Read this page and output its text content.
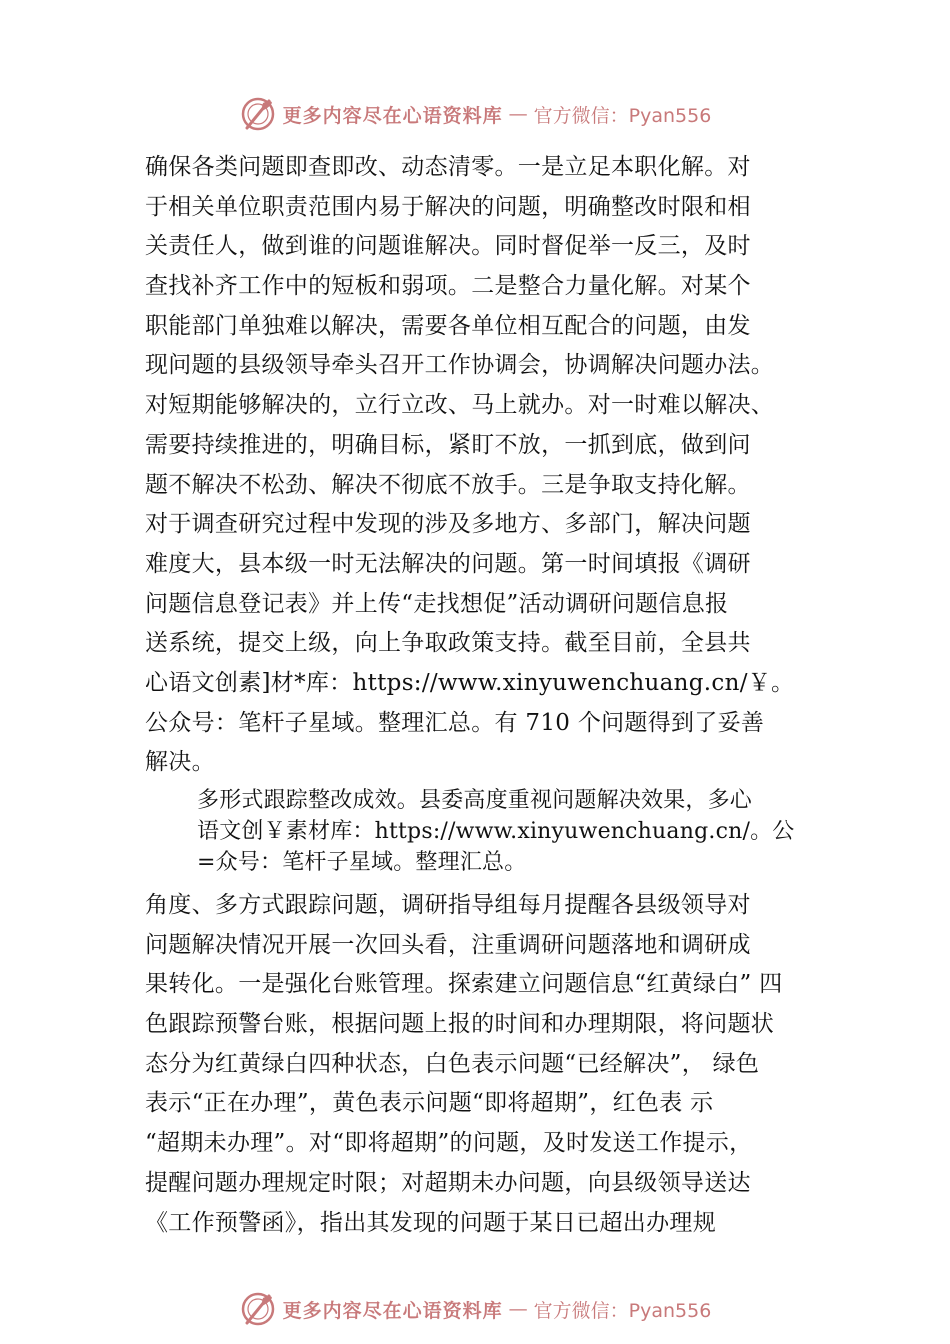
更多内容尽在心语资料库 — 官方微信：Pyan556
确保各类问题即查即改、动态清零。一是立足本职化解。对
于相关单位职责范围内易于解决的问题，明确整改时限和相
关责任人，做到谁的问题谁解决。同时督促举一反三，及时
查找补齐工作中的短板和弱项。二是整合力量化解。对某个
职能部门单独难以解决，需要各单位相互配合的问题，由发
现问题的县级领导牵头召开工作协调会，协调解决问题办法。
对短期能够解决的，立行立改、马上就办。对一时难以解决、
需要持续推进的，明确目标，紧盯不放，一抓到底，做到问
题不解决不松劲、解决不彻底不放手。三是争取支持化解。
对于调查研究过程中发现的涉及多地方、多部门，解决问题
难度大，县本级一时无法解决的问题。第一时间填报《调研
问题信息登记表》并上传“走找想促”活动调研问题信息报
送系统，提交上级，向上争取政策支持。截至目前，全县共
心语文创素]材*库：https://www.xinyuwenchuang.cn/￥。
公众号：笔杆子星域。整理汇总。有 710 个问题得到了妥善
解决。
多形式跟踪整改成效。县委高度重视问题解决效果，多心
语文创￥素材库：https://www.xinyuwenchuang.cn/。公
=众号：笔杆子星域。整理汇总。
角度、多方式跟踪问题，调研指导组每月提醒各县级领导对
问题解决情况开展一次回头看，注重调研问题落地和调研成
果转化。一是强化台账管理。探索建立问题信息“红黄绿白” 四
色跟踪预警台账，根据问题上报的时间和办理期限，将问题状
态分为红黄绿白四种状态，白色表示问题“已经解决”， 绿色
表示“正在办理”，黄色表示问题“即将超期”，红色表 示
“超期未办理”。对“即将超期”的问题，及时发送工作提示，
提醒问题办理规定时限；对超期未办问题，向县级领导送达
《工作预警函》，指出其发现的问题于某日已超出办理规
更多内容尽在心语资料库 — 官方微信：Pyan556
